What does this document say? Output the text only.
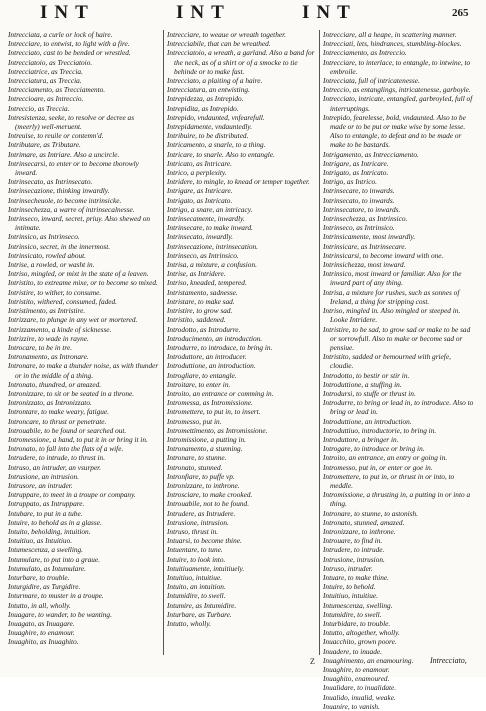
INT	INT	INT	265

Intrecciata, a curle or lock of haire.

Intrecciare, to entwist, to light with a fire.

Intrecciato, cast to be bended or wrestled.

Intrecciatoio, as Trecciatoio.

Intrecciatrice, as Treccia.

Intrecciatura, as Treccia.

Intrecciamento, as Trecciamento.

Intreccioare, as Intreccio.

Intreccio, as Treccia.

Intresistenza, seeke, to resolve or decree as (meerly) well-meruent.

Intreuise, to reuile or contemn'd.

Intributare, as Tributare.

Intrimare, as Intriare. Also a uncircle.

Intrinsecarsi, to enter or to become thorowly inward.

Intrinsecato, as Intrinsecato.

Intrinsecazione, thinking inwardly.

Intrinsecheuole, to become intrinsicke.

Intrinsechezza, a warre of intrinsecalnesse.

Intrinseco, inward, secret, priuy. Also shewed on intimate.

Intrinsico, as Intrinseco.

Intrinsico, secret, in the innermost.

Intrinsicato, rowled about.

Intrise, a rowled, or washt in.

Intriso, mingled, or mixt in the state of a leaven.

Intristito, to extreame mixe, or to become so mixed.

Intristire, to wither, to consume.

Intristito, withered, consumed, faded.

Intristimento, as Intristire.

Intrizzare, to plunge in any wet or mortered.

Intrizzamento, a kinde of sicknesse.

Intrizzire, to wade in rayne.

Introcare, to be in tre.

Intronamento, as Intronare.

Intronare, to make a thunder noise, as with thunder or in the middle of a thing.

Intronato, thundred, or amazed.

Intronizzare, to sit or be seated in a throne.

Intronizzato, as Intronizzato.

Introntare, to make weary, fatigue.

Introncare, to thrust or penetrate.

Introuabile, to be found or searched out.

Intromessione, a hand, to put it in or bring it in.

Intronato, to fall into the flats of a wife.

Intrudere, to intrude, to thrust in.

Intruso, an intruder, an vsurper.

Intrusione, an intrusion.

Intrusore, an intruder.

Intruppare, to meet in a troupe or company.

Intruppato, as Intruppare.

Intubare, to put in a tube.

Intuire, to behold as in a glasse.

Intuito, beholding, intuition.

Intuitiuo, as Intuitiuo.

Intumescenza, a swelling.

Intumulare, to put into a graue.

Intumulato, as Intumulare.

Inturbare, to trouble.

Inturgidire, as Turgidire.

Inturmare, to muster in a troupe.

Intutto, in all, wholly.

Inuagare, to wander, to be wanting.

Inuagato, as Inuagare.

Inuaghire, to enamour.

Inuaghito, as Inuaghito.

Intrecciare, to weaue or wreath together.

Intrecciabile, that can be wreathed.

Intrecciatoio, a wreath, a garland. Also a band for the neck, as of a shirt or of a smocke to tie behinde or to make fast.

Intrecciato, a plaiting of a haire.

Intrecciatura, an entwisting.

Intrepidezza, as Intrepido.

Intrepidita, as Intrepido.

Intrepido, vndaunted, vnfearefull.

Intrepidamente, vndauntedly.

Intribuire, to be distributed.

Intricamento, a snarle, to a thing.

Intricare, to snarle. Also to entangle.

Intricato, as Intricare.

Intrico, a perplexity.

Intridere, to mingle, to knead or temper together.

Intrigare, as Intricare.

Intrigato, as Intricato.

Intrigo, a snare, an intricacy.

Intrinsecamente, inwardly.

Intrinsecare, to make inward.

Intrinsecato, inwardly.

Intrinsecazione, intrinsecation.

Intrinseco, as Intrinsico.

Intrisa, a mixture, a confusion.

Intrise, as Intridere.

Intriso, kneaded, tempered.

Intristamento, sadnesse.

Intristare, to make sad.

Intristire, to grow sad.

Intristito, saddened.

Introdotto, as Introdurre.

Introducimento, an introduction.

Introdurre, to introduce, to bring in.

Introduttore, an introducer.

Introduttione, an introduction.

Introgliare, to entangle.

Introitare, to enter in.

Introito, an entrance or comming in.

Intromessa, as Intromissione.

Intromettere, to put in, to insert.

Intromesso, put in.

Intromettimento, as Intromissione.

Intromissione, a putting in.

Intronamento, a stunning.

Intronare, to stunne.

Intronato, stunned.

Intronfiare, to puffe vp.

Intronizzare, to inthrone.

Introsciare, to make crooked.

Introuabile, not to be found.

Intrudere, as Intrudere.

Intrusione, intrusion.

Intruso, thrust in.

Intuarsi, to become thine.

Intuentare, to tune.

Intuire, to look into.

Intuitiuamente, intuitiuely.

Intuitiuo, intuitiue.

Intuito, an intuition.

Intumidire, to swell.

Intumire, as Intumidire.

Inturbare, as Turbare.

Intutto, wholly.

Intrecciare, all a heape, in scattering manner.

Intrecciati, lets, hindrances, stumbling-blockes.

Intrecciamento, as Intreccio.

Intrecciare, to interlace, to entangle, to intwine, to embroile.

Intrecciata, full of intricatenesse.

Intreccio, as entanglings, intricatenesse, garboyle.

Intrecciato, intricate, entangled, garbroyled, full of interruptings.

Intrepido, fearelesse, bold, vndaunted. Also to be made or to be put or make wise by some lesse. Also to entangle, to defeat and to be made or make to be bastards.

Intrigamento, as Intrecciamento.

Intrigare, as Intricare.

Intrigato, as Intricato.

Intrigo, as Intrico.

Intrinsecare, to inwards.

Intrinsecato, to inwards.

Intrinsecatore, to inwards.

Intrinsechezza, as Intrinsico.

Intrinseco, as Intrinsico.

Intrinsicamente, most inwardly.

Intrinsicare, as Intrinsecare.

Intrinsicarsi, to become inward with one.

Intrinsichezza, most inward.

Intrinsico, most inward or familiar. Also for the inward part of any thing.

Intrisa, a mixture for rushes, such as sonnes of Ireland, a thing for stripping cost.

Intriso, mingled in. Also mingled or steeped in. Looke Intridere.

Intristire, to be sad, to grow sad or make to be sad or sorrowfull. Also to make or become sad or pensiue.

Intristito, sadded or bemourned with griefe, cloudie.

Introdotto, to bestir or stir in.

Introduttione, a stuffing in.

Introdursi, to stuffe or thrust in.

Introdurre, to bring or lead in, to introduce. Also to bring or lead in.

Introduttione, an introduction.

Introduttiuo, introductorie, to bring in.

Introduttore, a bringer in.

Introgare, to introduce or bring in.

Introito, an entrance, an entry or going in.

Intromesso, put in, or enter or goe in.

Intromettere, to put in, or thrust in or into, to meddle.

Intromissione, a thrusting in, a putting in or into a thing.

Intronare, to stunne, to astonish.

Intronato, stunned, amazed.

Intronizzare, to inthrone.

Introuare, to find in.

Intrudere, to intrude.

Intrusione, intrusion.

Intruso, intruder.

Intuare, to make thine.

Intuire, to behold.

Intuitiuo, intuitiue.

Intumescenza, swelling.

Intumidire, to swell.

Inturbidare, to trouble.

Intutto, altogether, wholly.

Inuacchito, grown poore.

Inuadere, to inuade.

Inuaghimento, an enamouring.

Inuaghire, to enamour.

Inuaghito, enamoured.

Inualidare, to inualidate.

Inualido, inualid, weake.

Inuanire, to vanish.

Z	Intrecciato,
